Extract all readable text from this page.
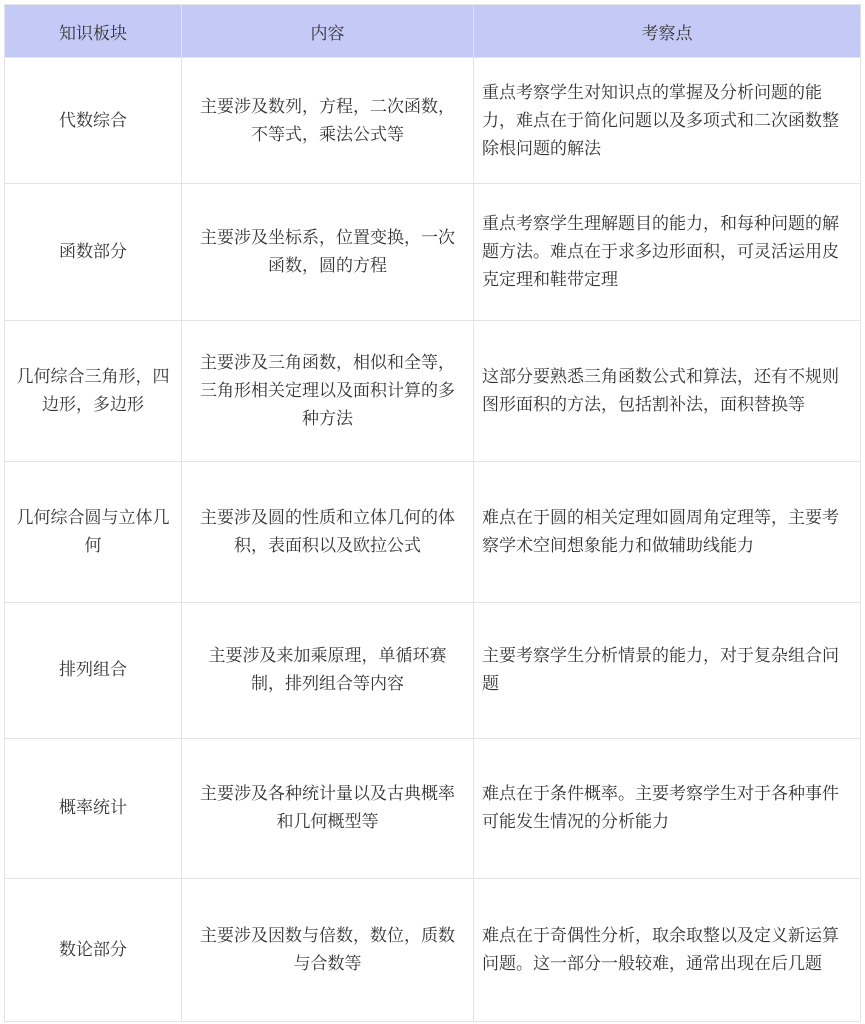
知识板块	内容	考察点
代数综合	主要涉及数列，方程，二次函数，不等式，乘法公式等	重点考察学生对知识点的掌握及分析问题的能力，难点在于简化问题以及多项式和二次函数整除根问题的解法
函数部分	主要涉及坐标系，位置变换，一次函数，圆的方程	重点考察学生理解题目的能力，和每种问题的解题方法。难点在于求多边形面积，可灵活运用皮克定理和鞋带定理
几何综合三角形，四边形，多边形	主要涉及三角函数，相似和全等，三角形相关定理以及面积计算的多种方法	这部分要熟悉三角函数公式和算法，还有不规则图形面积的方法，包括割补法，面积替换等
几何综合圆与立体几何	主要涉及圆的性质和立体几何的体积，表面积以及欧拉公式	难点在于圆的相关定理如圆周角定理等，主要考察学术空间想象能力和做辅助线能力
排列组合	主要涉及来加乘原理，单循环赛制，排列组合等内容	主要考察学生分析情景的能力，对于复杂组合问题
概率统计	主要涉及各种统计量以及古典概率和几何概型等	难点在于条件概率。主要考察学生对于各种事件可能发生情况的分析能力
数论部分	主要涉及因数与倍数，数位，质数与合数等	难点在于奇偶性分析，取余取整以及定义新运算问题。这一部分一般较难，通常出现在后几题
